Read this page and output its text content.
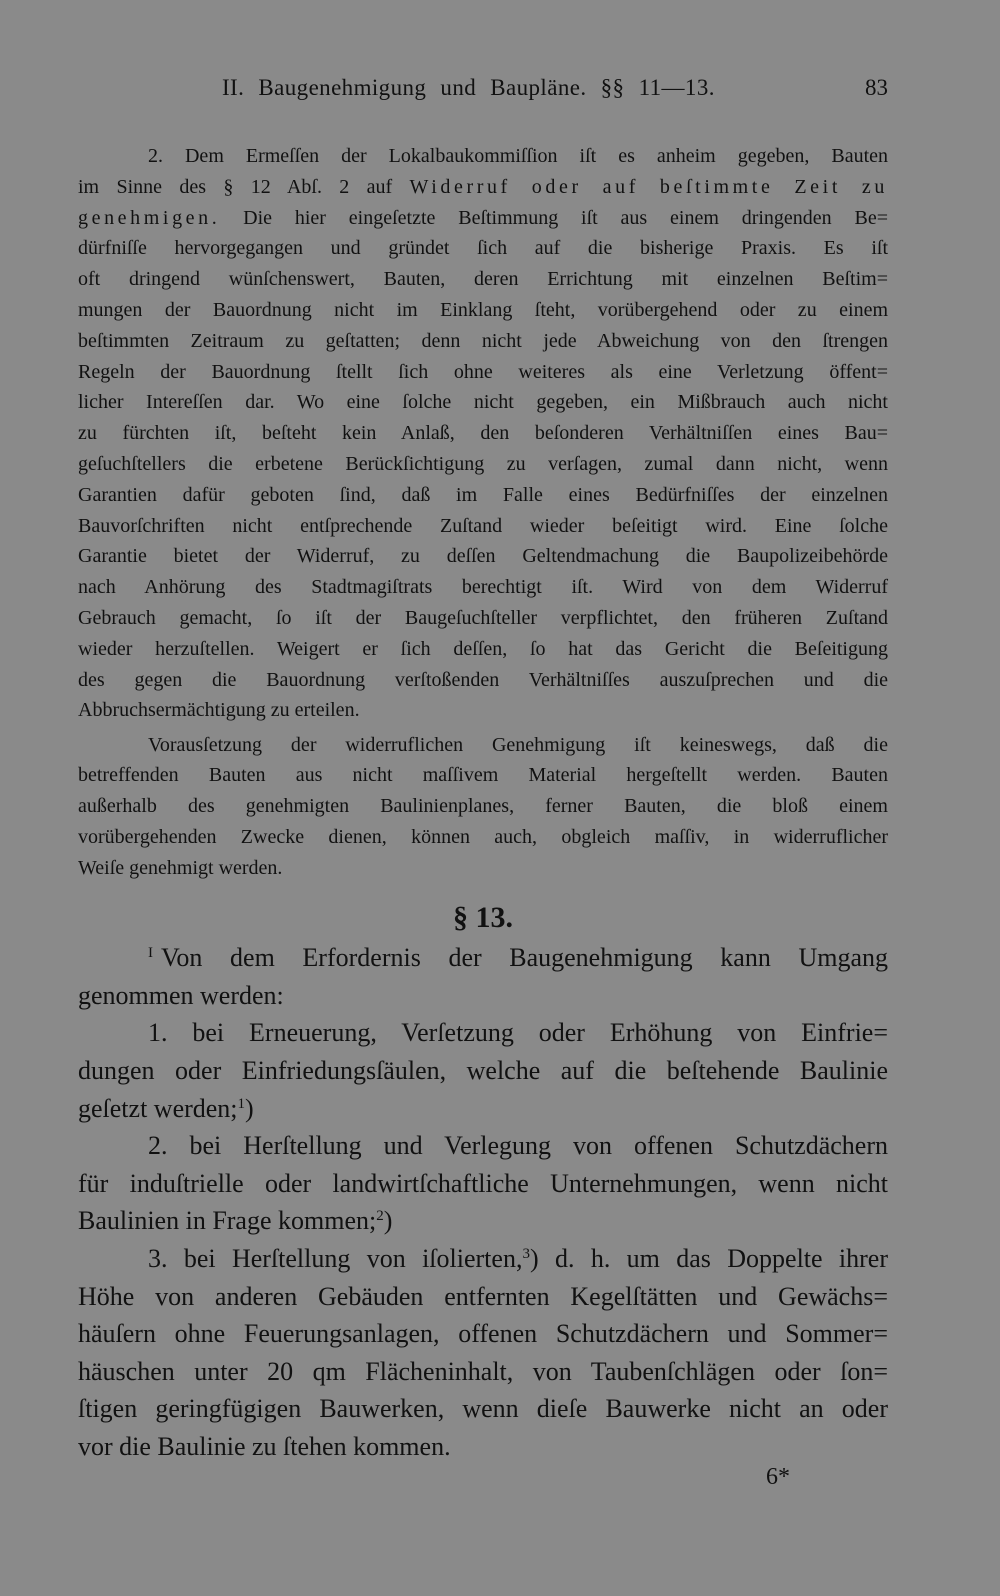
II. Baugenehmigung und Baupläne. §§ 11—13.	83
2. Dem Ermeſſen der Lokalbaukommiſſion iſt es anheim gegeben, Bauten
im Sinne des § 12 Abſ. 2 auf Widerruf oder auf beſtimmte Zeit zu
genehmigen. Die hier eingeſetzte Beſtimmung iſt aus einem dringenden Be=
dürfniſſe hervorgegangen und gründet ſich auf die bisherige Praxis. Es iſt
oft dringend wünſchenswert, Bauten, deren Errichtung mit einzelnen Beſtim=
mungen der Bauordnung nicht im Einklang ſteht, vorübergehend oder zu einem
beſtimmten Zeitraum zu geſtatten; denn nicht jede Abweichung von den ſtrengen
Regeln der Bauordnung ſtellt ſich ohne weiteres als eine Verletzung öffent=
licher Intereſſen dar. Wo eine ſolche nicht gegeben, ein Mißbrauch auch nicht
zu fürchten iſt, beſteht kein Anlaß, den beſonderen Verhältniſſen eines Bau=
geſuchſtellers die erbetene Berückſichtigung zu verſagen, zumal dann nicht, wenn
Garantien dafür geboten ſind, daß im Falle eines Bedürfniſſes der einzelnen
Bauvorſchriften nicht entſprechende Zuſtand wieder beſeitigt wird. Eine ſolche
Garantie bietet der Widerruf, zu deſſen Geltendmachung die Baupolizeibehörde
nach Anhörung des Stadtmagiſtrats berechtigt iſt. Wird von dem Widerruf
Gebrauch gemacht, ſo iſt der Baugeſuchſteller verpflichtet, den früheren Zuſtand
wieder herzuſtellen. Weigert er ſich deſſen, ſo hat das Gericht die Beſeitigung
des gegen die Bauordnung verſtoßenden Verhältniſſes auszuſprechen und die
Abbruchsermächtigung zu erteilen.
Vorausſetzung der widerruflichen Genehmigung iſt keineswegs, daß die
betreffenden Bauten aus nicht maſſivem Material hergeſtellt werden. Bauten
außerhalb des genehmigten Baulinienplanes, ferner Bauten, die bloß einem
vorübergehenden Zwecke dienen, können auch, obgleich maſſiv, in widerruflicher
Weiſe genehmigt werden.
§ 13.
$^I$ Von dem Erfordernis der Baugenehmigung kann Umgang
genommen werden:
1. bei Erneuerung, Verſetzung oder Erhöhung von Einfrie=
dungen oder Einfriedungsſäulen, welche auf die beſtehende Baulinie
geſetzt werden;$^1$)
2. bei Herſtellung und Verlegung von offenen Schutzdächern
für induſtrielle oder landwirtſchaftliche Unternehmungen, wenn nicht
Baulinien in Frage kommen;$^2$)
3. bei Herſtellung von iſolierten,$^3$) d. h. um das Doppelte ihrer
Höhe von anderen Gebäuden entfernten Kegelſtätten und Gewächs=
häuſern ohne Feuerungsanlagen, offenen Schutzdächern und Sommer=
häuschen unter 20 qm Flächeninhalt, von Taubenſchlägen oder ſon=
ſtigen geringfügigen Bauwerken, wenn dieſe Bauwerke nicht an oder
vor die Baulinie zu ſtehen kommen.
6*
